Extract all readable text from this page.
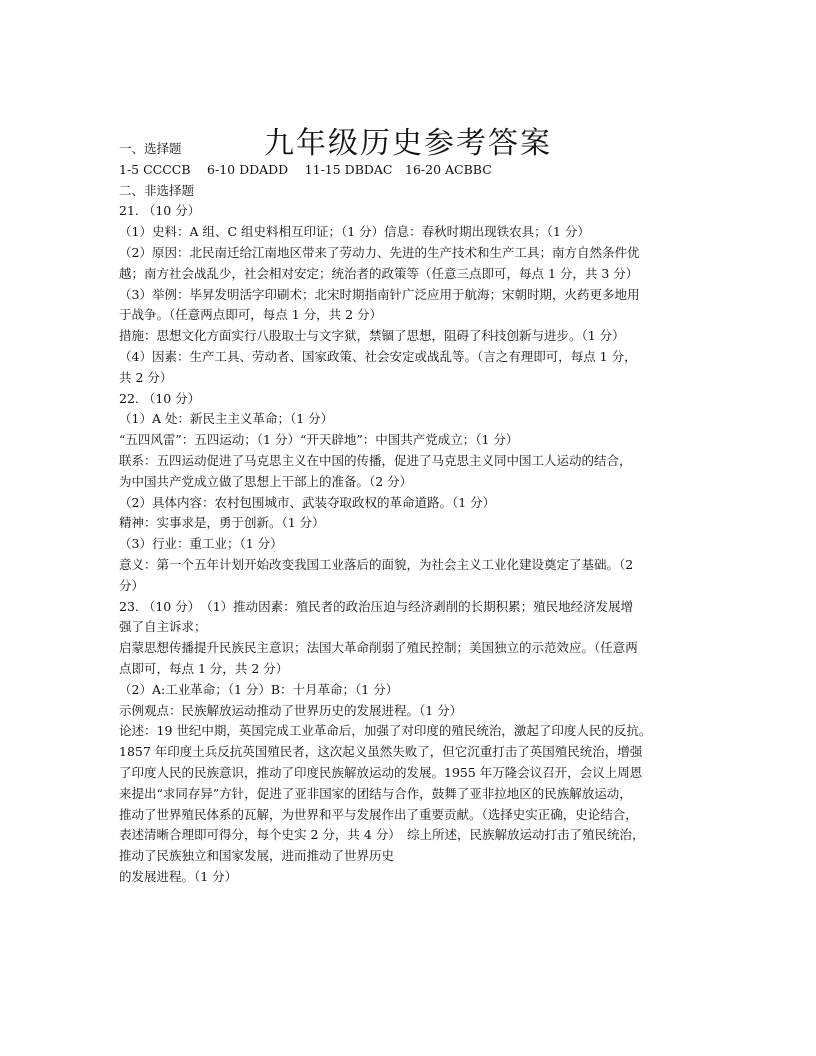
九年级历史参考答案

一、选择题

1-5 CCCCB　 6-10 DDADD　 11-15 DBDAC　16-20 ACBBC

二、非选择题

21. （10 分）

（1）史料：A 组、C 组史料相互印证；（1 分）信息：春秋时期出现铁农具；（1 分）

（2）原因：北民南迁给江南地区带来了劳动力、先进的生产技术和生产工具；南方自然条件优

越；南方社会战乱少，社会相对安定；统治者的政策等（任意三点即可，每点 1 分，共 3 分）

（3）举例：毕昇发明活字印刷术；北宋时期指南针广泛应用于航海；宋朝时期，火药更多地用

于战争。（任意两点即可，每点 1 分，共 2 分）

措施：思想文化方面实行八股取士与文字狱，禁锢了思想，阻碍了科技创新与进步。（1 分）

（4）因素：生产工具、劳动者、国家政策、社会安定或战乱等。（言之有理即可，每点 1 分，

共 2 分）

22. （10 分）

（1）A 处：新民主主义革命；（1 分）

“五四风雷”：五四运动；（1 分）“开天辟地”：中国共产党成立；（1 分）

联系：五四运动促进了马克思主义在中国的传播，促进了马克思主义同中国工人运动的结合，

为中国共产党成立做了思想上干部上的准备。（2 分）

（2）具体内容：农村包围城市、武装夺取政权的革命道路。（1 分）

精神：实事求是，勇于创新。（1 分）

（3）行业：重工业；（1 分）

意义：第一个五年计划开始改变我国工业落后的面貌，为社会主义工业化建设奠定了基础。（2

分）

23. （10 分）　（1）推动因素：殖民者的政治压迫与经济剥削的长期积累；殖民地经济发展增

强了自主诉求；

启蒙思想传播提升民族民主意识；法国大革命削弱了殖民控制；美国独立的示范效应。（任意两

点即可，每点 1 分，共 2 分）

（2）A:工业革命；（1 分）B：十月革命；（1 分）

示例观点：民族解放运动推动了世界历史的发展进程。（1 分）

论述：19 世纪中期，英国完成工业革命后，加强了对印度的殖民统治，激起了印度人民的反抗。

1857 年印度土兵反抗英国殖民者，这次起义虽然失败了，但它沉重打击了英国殖民统治，增强

了印度人民的民族意识，推动了印度民族解放运动的发展。1955 年万隆会议召开，会议上周恩

来提出“求同存异”方针，促进了亚非国家的团结与合作，鼓舞了亚非拉地区的民族解放运动，

推动了世界殖民体系的瓦解，为世界和平与发展作出了重要贡献。（选择史实正确，史论结合，

表述清晰合理即可得分，每个史实 2 分，共 4 分）　综上所述，民族解放运动打击了殖民统治，

推动了民族独立和国家发展，进而推动了世界历史

的发展进程。（1 分）
